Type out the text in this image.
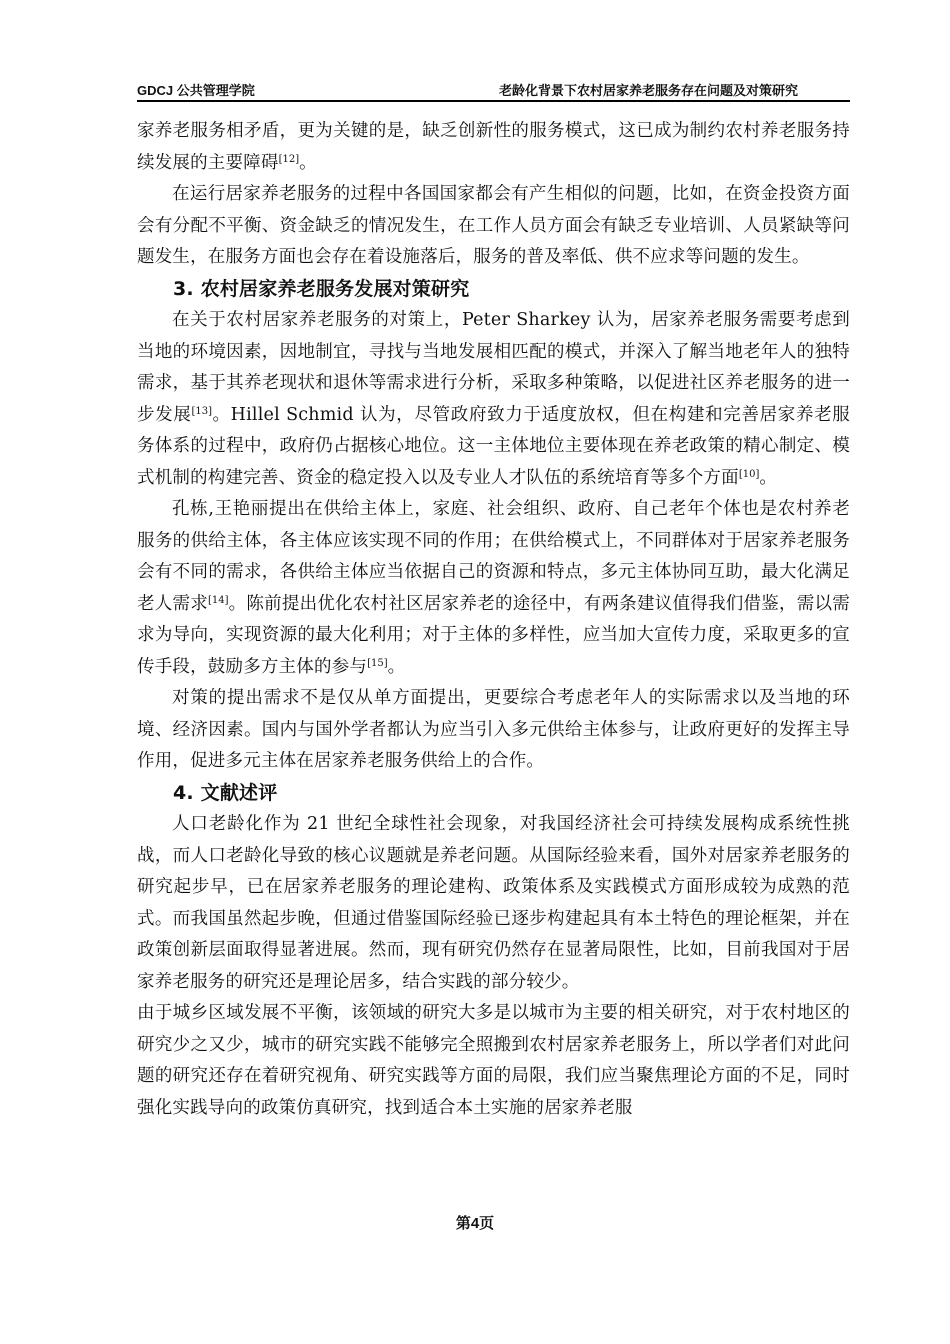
GDCJ 公共管理学院	老龄化背景下农村居家养老服务存在问题及对策研究

家养老服务相矛盾，更为关键的是，缺乏创新性的服务模式，这已成为制约农村养老服务持续发展的主要障碍[12]。

在运行居家养老服务的过程中各国国家都会有产生相似的问题，比如，在资金投资方面会有分配不平衡、资金缺乏的情况发生，在工作人员方面会有缺乏专业培训、人员紧缺等问题发生，在服务方面也会存在着设施落后，服务的普及率低、供不应求等问题的发生。

3. 农村居家养老服务发展对策研究

在关于农村居家养老服务的对策上，Peter Sharkey 认为，居家养老服务需要考虑到当地的环境因素，因地制宜，寻找与当地发展相匹配的模式，并深入了解当地老年人的独特需求，基于其养老现状和退休等需求进行分析，采取多种策略，以促进社区养老服务的进一步发展[13]。Hillel Schmid 认为，尽管政府致力于适度放权，但在构建和完善居家养老服务体系的过程中，政府仍占据核心地位。这一主体地位主要体现在养老政策的精心制定、模式机制的构建完善、资金的稳定投入以及专业人才队伍的系统培育等多个方面[10]。

孔栋,王艳丽提出在供给主体上，家庭、社会组织、政府、自己老年个体也是农村养老服务的供给主体，各主体应该实现不同的作用；在供给模式上，不同群体对于居家养老服务会有不同的需求，各供给主体应当依据自己的资源和特点，多元主体协同互助，最大化满足老人需求[14]。陈前提出优化农村社区居家养老的途径中，有两条建议值得我们借鉴，需以需求为导向，实现资源的最大化利用；对于主体的多样性，应当加大宣传力度，采取更多的宣传手段，鼓励多方主体的参与[15]。

对策的提出需求不是仅从单方面提出，更要综合考虑老年人的实际需求以及当地的环境、经济因素。国内与国外学者都认为应当引入多元供给主体参与，让政府更好的发挥主导作用，促进多元主体在居家养老服务供给上的合作。

4. 文献述评

人口老龄化作为 21 世纪全球性社会现象，对我国经济社会可持续发展构成系统性挑战，而人口老龄化导致的核心议题就是养老问题。从国际经验来看，国外对居家养老服务的研究起步早，已在居家养老服务的理论建构、政策体系及实践模式方面形成较为成熟的范式。而我国虽然起步晚，但通过借鉴国际经验已逐步构建起具有本土特色的理论框架，并在政策创新层面取得显著进展。然而，现有研究仍然存在显著局限性，比如，目前我国对于居家养老服务的研究还是理论居多，结合实践的部分较少。

由于城乡区域发展不平衡，该领域的研究大多是以城市为主要的相关研究，对于农村地区的研究少之又少，城市的研究实践不能够完全照搬到农村居家养老服务上，所以学者们对此问题的研究还存在着研究视角、研究实践等方面的局限，我们应当聚焦理论方面的不足，同时强化实践导向的政策仿真研究，找到适合本土实施的居家养老服

第4页
